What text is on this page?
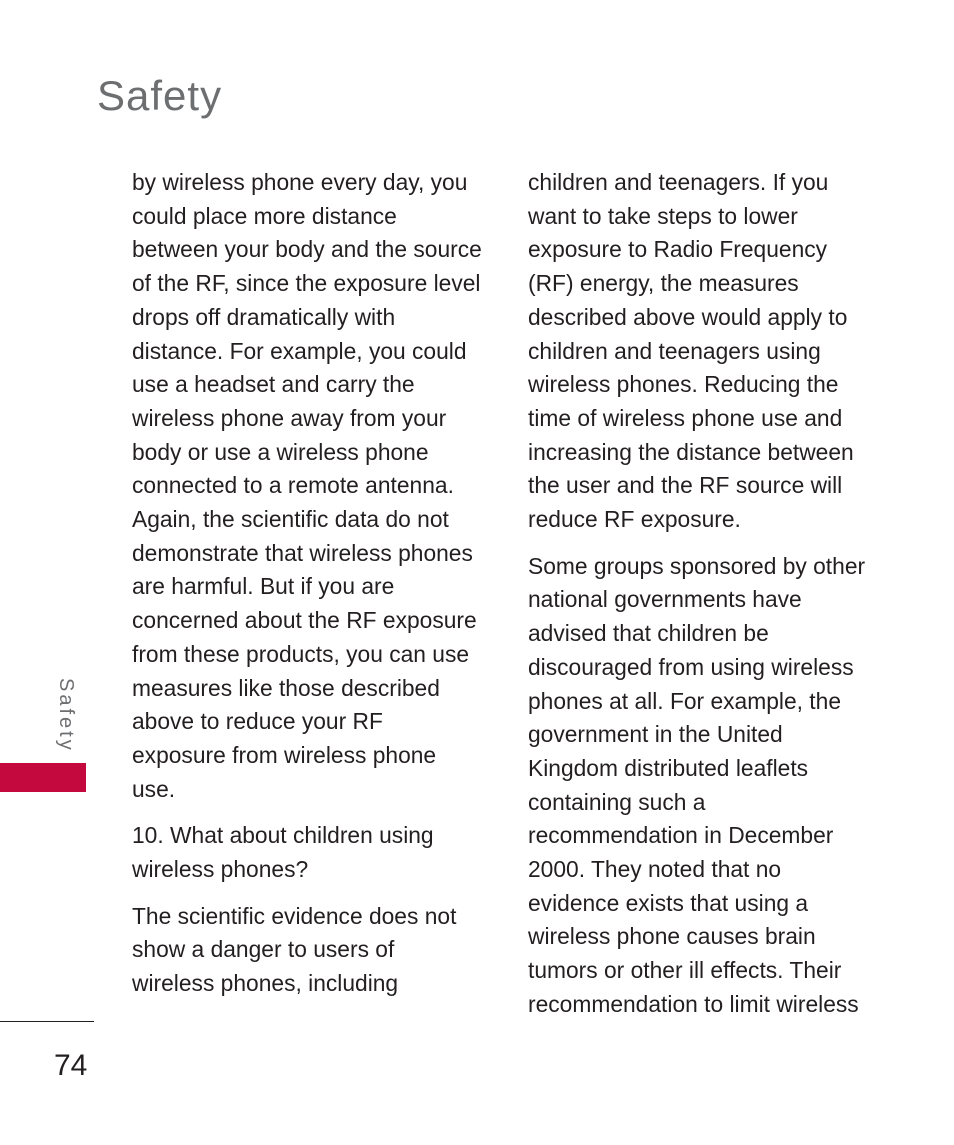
Safety
Safety

by wireless phone every day, you could place more distance between your body and the source of the RF, since the exposure level drops off dramatically with distance. For example, you could use a headset and carry the wireless phone away from your body or use a wireless phone connected to a remote antenna. Again, the scientific data do not demonstrate that wireless phones are harmful. But if you are concerned about the RF exposure from these products, you can use measures like those described above to reduce your RF exposure from wireless phone use.

10. What about children using wireless phones?

The scientific evidence does not show a danger to users of wireless phones, including

children and teenagers. If you want to take steps to lower exposure to Radio Frequency (RF) energy, the measures described above would apply to children and teenagers using wireless phones. Reducing the time of wireless phone use and increasing the distance between the user and the RF source will reduce RF exposure.

Some groups sponsored by other national governments have advised that children be discouraged from using wireless phones at all. For example, the government in the United Kingdom distributed leaflets containing such a recommendation in December 2000. They noted that no evidence exists that using a wireless phone causes brain tumors or other ill effects. Their recommendation to limit wireless

74
